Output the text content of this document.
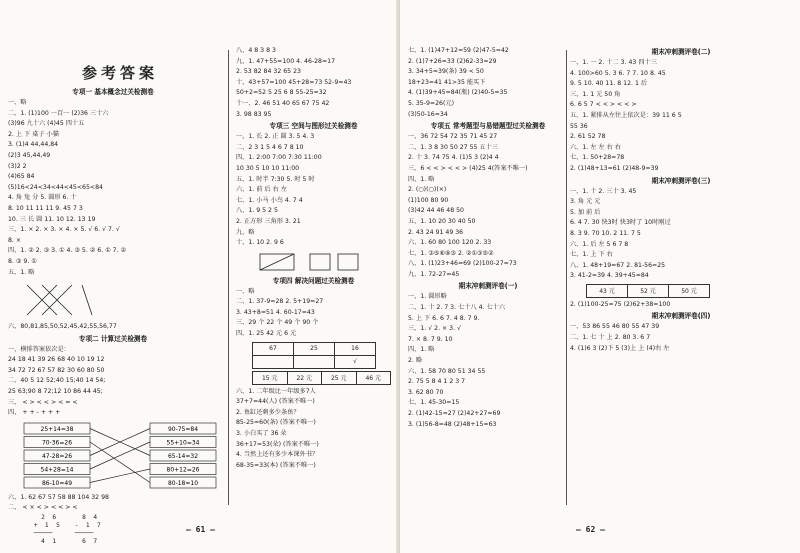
参考答案
专项一 基本概念过关检测卷
一、略
二、1. (1)100 一百一 (2)36 三十六
(3)96 九十六 (4)45 四十五
2. 上 下 桌子 小猫
3. (1)4 44,44,84
(2)3 45,44,49
(3)2 2
(4)65 84
(5)16<24<34<44<45<65<84
4. 角 兔 分 5. 圆形 6. 十
8. 10 11 11 11 9. 45 7 3
10. 三 长 圆 11. 10 12. 13 19
三、1. × 2. × 3. × 4. × 5. √ 6. √ 7. √
8. ×
四、1. ② 2. ③ 3. ① 4. ③ 5. ② 6. ① 7. ②
8. ③ 9. ①
五、1. 略
六、80,81,85,50,52,45,42,55,56,77
专项二 计算过关检测卷
一、横排答案依次是：
24 18 41 39 26 68 40 10 19 12
34 72 72 67 57 82 30 60 80 50
二、40 5 12 52;40 15;40 14 54;
25 63;90 8 72;12 10 86 44 45;
三、 < > < < > < = <
四、 + + - + + +
25+14=38	90-75=84
70-36=26	55+10=34
47-28=26	65-14=32
54+28=14	80+12=26
86-10=49	80-18=10
六、1. 62 67 57 58 88 104 32 98
二、 < × < > < < > <
2  6       8  4
+  1  5    -  1  7
─────      ─────
4  1       6  7
八、4 8 3 8 3
九、1. 47+55=100 4. 46-28=17
2. 53 82 84 32 65 23
十、43+57=100 45+28=73 52-9=43
50+2=52 5 25 6 8 55-25=32
十一、2. 46 51 40 65 67 75 42
3. 98 83 95
专项三 空间与图形过关检测卷
一、1. 长 2. 正 圆 3. 5 4. 3
二、2 3 1 5 4 6 7 8 10
四、1. 2:00 7:00 7:30 11:00
10 30 5 10 10 11:00
五、1. 时半 7:30 5. 时 5 时
六、1. 前 后 右 左
七、1. 小马 小鸟 4. 7 4
八、1. 9 5 2 5
2. 正方形 三角形 3. 21
九、略
十、1. 10 2. 9 6
专项四 解决问题过关检测卷
一、略
二、1. 37-9=28 2. 5+19=27
3. 43+8=51 4. 60-17=43
三、29 个 22 个 49 个 90 个
四、1. 25 42 元 6 元
67	25	16
		√
15 元	22 元	25 元	46 元
六、1. 二年级比一年级多7人
37+7=44(人) (答案不唯一)
2. 鱼缸还剩多少条鱼？
85-25=60(条) (答案不唯一)
3. 小白买了 36 朵
36+17=53(朵) (答案不唯一)
4. 当然上还有多少本课外书？
68-35=33(本) (答案不唯一)
— 61 —
七、1. (1)47+12=59 (2)47-5=42
2. (1)7+26=33 (2)62-33=29
3. 34+5=39(条) 39 < 50
18+23=41 41>35 能买下
4. (1)39+45=84(瓶) (2)40-5=35
5. 35-9=26(元)
(3)50-16=34
专项五 常考题型与易错题型过关检测卷
一、36 72 54 72 35 71 45 27
二、1. 3 8 30 50 27 55 五十三
2. 十 3. 74 75 4. (1)5 3 (2)4 4
三、6 < < > < < > (4)25 4(答案不唯一)
四、1. 略
2. (○)(○)(×)
(1)100 80 90
(3)42 44 46 48 50
五、1. 10 20 30 40 50
2. 43 24 91 49 36
六、1. 60 80 100 120 2. 33
七、1. ③⑤⑥⑧③ 2. ②①③⑤②
八、1. (1)23+46=69 (2)100-27=73
九、1. 72-27=45
期末冲刺测评卷(一)
一、1. 圆形略
二、1. 十 2. 7 3. 七十八 4. 七十六
5. 上 下 6. 6 7. 4 8. 7 9.
三、1. √ 2. × 3. √
7. × 8. 7 9. 10
四、1. 略
2. 略
六、1. 58 70 80 51 34 55
2. 75 5 8 4 1 2 3 7
3. 62 80 70
七、1. 45-30=15
2. (1)42-15=27 (2)42+27=69
3. (1)56-8=48 (2)48+15=63
期末冲刺测评卷(二)
一、1. 一 2. 十二 3. 43 四十三
4. 100>60 5. 3 6. 7 7. 10 8. 45
9. 5 10. 40 11. 8 12. 1 后
三、1. 1 元 50 角
6. 6 5 7 < < > < < >
五、1. 紧排从左往上依次是：39 11 6 5
55 36
2. 61 52 78
六、1. 左 左 右 右
七、1. 50+28=78
2. (1)48+13=61 (2)48-9=39
期末冲刺测评卷(三)
一、1. 十 2. 三十 3. 45
3. 角 元 元
5. 加 前 后
6. 4 7. 30 快3时 快3时了 10时刚过
8. 3 9. 70 10. 2 11. 7 5
六、1. 后 左 5 6 7 8
七、1. 上 下 右
八、1. 48+19=67 2. 81-56=25
3. 41-2=39 4. 39+45=84
43 元	52 元	50 元
2. (1)100-25=75 (2)62+38=100
期末冲刺测评卷(四)
一、53 86 55 46 80 55 47 39
二、1. 七 十 上 2. 80 3. 6 7
4. (1)6 3 (2)下 5 (3)上 上 (4)右 左
— 62 —
